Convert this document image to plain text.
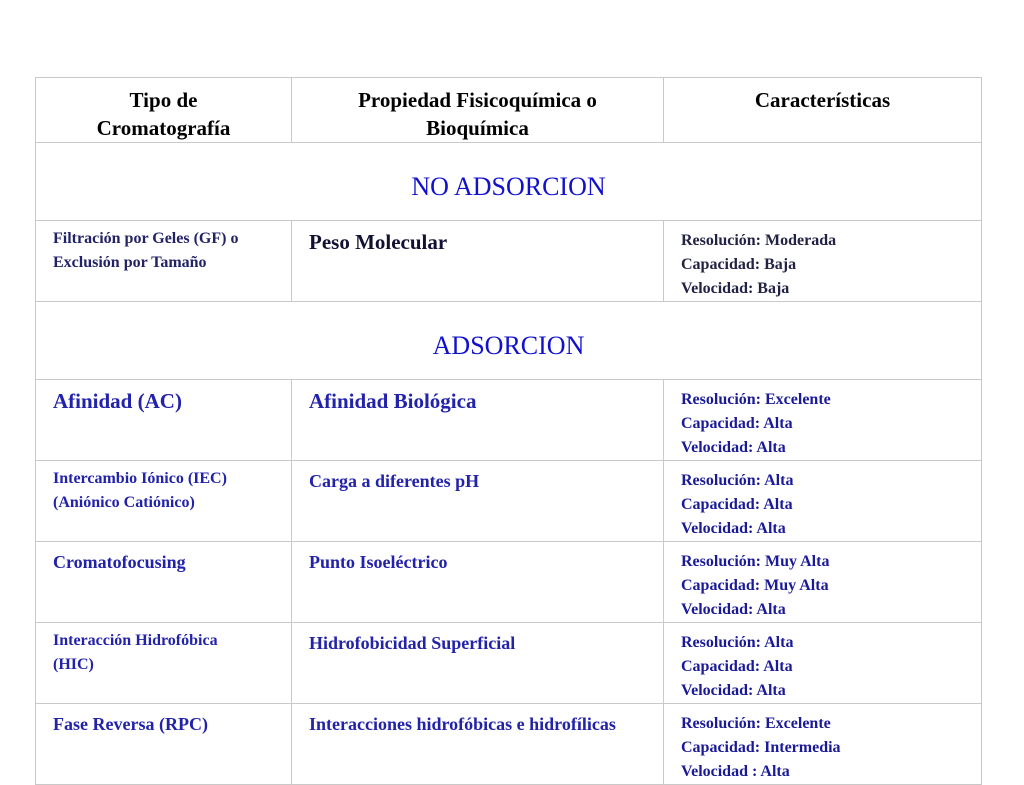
Tipo de Cromatografía	Propiedad Fisicoquímica o Bioquímica	Características
NO ADSORCION		
Filtración por Geles (GF) o Exclusión por Tamaño	Peso Molecular	Resolución: Moderada
Capacidad: Baja
Velocidad: Baja

ADSORCION		
Afinidad (AC)	Afinidad Biológica	Resolución: Excelente
Capacidad: Alta
Velocidad: Alta

Intercambio Iónico (IEC) (Aniónico Catiónico)	Carga a diferentes pH	Resolución: Alta
Capacidad: Alta
Velocidad: Alta

Cromatofocusing	Punto Isoeléctrico	Resolución: Muy Alta
Capacidad: Muy Alta
Velocidad: Alta

Interacción Hidrofóbica (HIC)	Hidrofobicidad Superficial	Resolución: Alta
Capacidad: Alta
Velocidad: Alta

Fase Reversa (RPC)	Interacciones hidrofóbicas e hidrofílicas	Resolución: Excelente
Capacidad: Intermedia
Velocidad : Alta
